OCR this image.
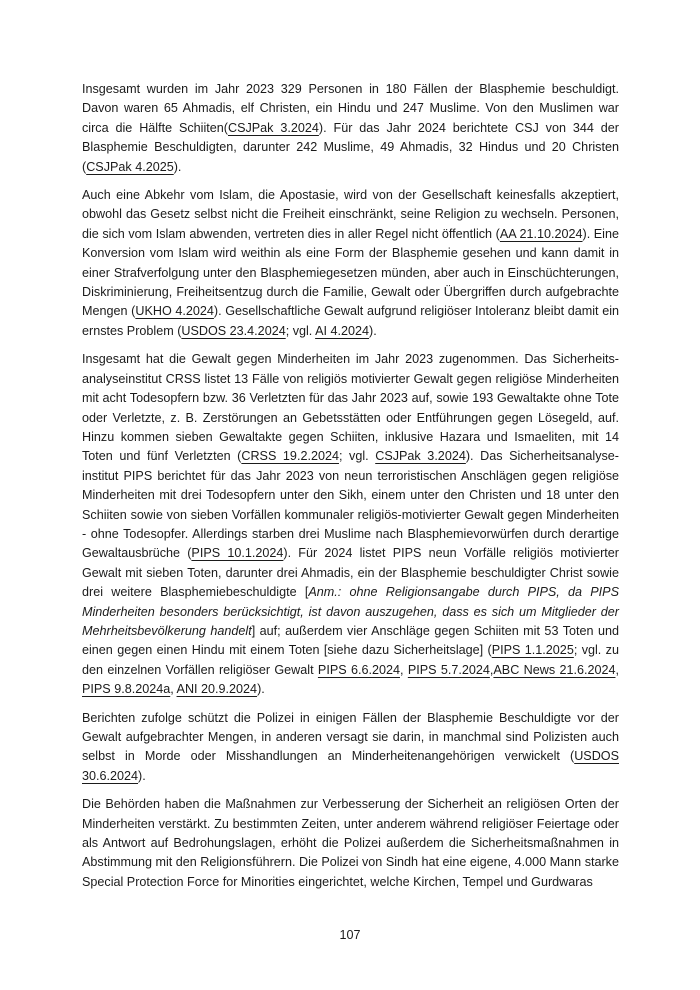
Insgesamt wurden im Jahr 2023 329 Personen in 180 Fällen der Blasphemie beschuldigt. Davon waren 65 Ahmadis, elf Christen, ein Hindu und 247 Muslime. Von den Muslimen war circa die Hälfte Schiiten(CSJPak 3.2024). Für das Jahr 2024 berichtete CSJ von 344 der Blasphemie Beschuldigten, darunter 242 Muslime, 49 Ahmadis, 32 Hindus und 20 Christen (CSJPak 4.2025).

Auch eine Abkehr vom Islam, die Apostasie, wird von der Gesellschaft keinesfalls akzeptiert, obwohl das Gesetz selbst nicht die Freiheit einschränkt, seine Religion zu wechseln. Personen, die sich vom Islam abwenden, vertreten dies in aller Regel nicht öffentlich (AA 21.10.2024). Eine Konversion vom Islam wird weithin als eine Form der Blasphemie gesehen und kann damit in einer Strafverfolgung unter den Blasphemiegesetzen münden, aber auch in Einschüchterungen, Diskriminierung, Freiheitsentzug durch die Familie, Gewalt oder Übergriffen durch aufgebrachte Mengen (UKHO 4.2024). Gesellschaftliche Gewalt aufgrund religiöser Intoleranz bleibt damit ein ernstes Problem (USDOS 23.4.2024; vgl. AI 4.2024).

Insgesamt hat die Gewalt gegen Minderheiten im Jahr 2023 zugenommen. Das Sicherheitsanalyseinstitut CRSS listet 13 Fälle von religiös motivierter Gewalt gegen religiöse Minderheiten mit acht Todesopfern bzw. 36 Verletzten für das Jahr 2023 auf, sowie 193 Gewaltakte ohne Tote oder Verletzte, z. B. Zerstörungen an Gebetsstätten oder Entführungen gegen Lösegeld, auf. Hinzu kommen sieben Gewaltakte gegen Schiiten, inklusive Hazara und Ismaeliten, mit 14 Toten und fünf Verletzten (CRSS 19.2.2024; vgl. CSJPak 3.2024). Das Sicherheitsanalyseinstitut PIPS berichtet für das Jahr 2023 von neun terroristischen Anschlägen gegen religiöse Minderheiten mit drei Todesopfern unter den Sikh, einem unter den Christen und 18 unter den Schiiten sowie von sieben Vorfällen kommunaler religiös-motivierter Gewalt gegen Minderheiten - ohne Todesopfer. Allerdings starben drei Muslime nach Blasphemievorwürfen durch derartige Gewaltausbrüche (PIPS 10.1.2024). Für 2024 listet PIPS neun Vorfälle religiös motivierter Gewalt mit sieben Toten, darunter drei Ahmadis, ein der Blasphemie beschuldigter Christ sowie drei weitere Blasphemiebeschuldigte [Anm.: ohne Religionsangabe durch PIPS, da PIPS Minderheiten besonders berücksichtigt, ist davon auszugehen, dass es sich um Mitglieder der Mehrheitsbevölkerung handelt] auf; außerdem vier Anschläge gegen Schiiten mit 53 Toten und einen gegen einen Hindu mit einem Toten [siehe dazu Sicherheitslage] (PIPS 1.1.2025; vgl. zu den einzelnen Vorfällen religiöser Gewalt PIPS 6.6.2024, PIPS 5.7.2024,ABC News 21.6.2024, PIPS 9.8.2024a, ANI 20.9.2024).

Berichten zufolge schützt die Polizei in einigen Fällen der Blasphemie Beschuldigte vor der Gewalt aufgebrachter Mengen, in anderen versagt sie darin, in manchmal sind Polizisten auch selbst in Morde oder Misshandlungen an Minderheitenangehörigen verwickelt (USDOS 30.6.2024).

Die Behörden haben die Maßnahmen zur Verbesserung der Sicherheit an religiösen Orten der Minderheiten verstärkt. Zu bestimmten Zeiten, unter anderem während religiöser Feiertage oder als Antwort auf Bedrohungslagen, erhöht die Polizei außerdem die Sicherheitsmaßnahmen in Abstimmung mit den Religionsführern. Die Polizei von Sindh hat eine eigene, 4.000 Mann starke Special Protection Force for Minorities eingerichtet, welche Kirchen, Tempel und Gurdwaras

107
